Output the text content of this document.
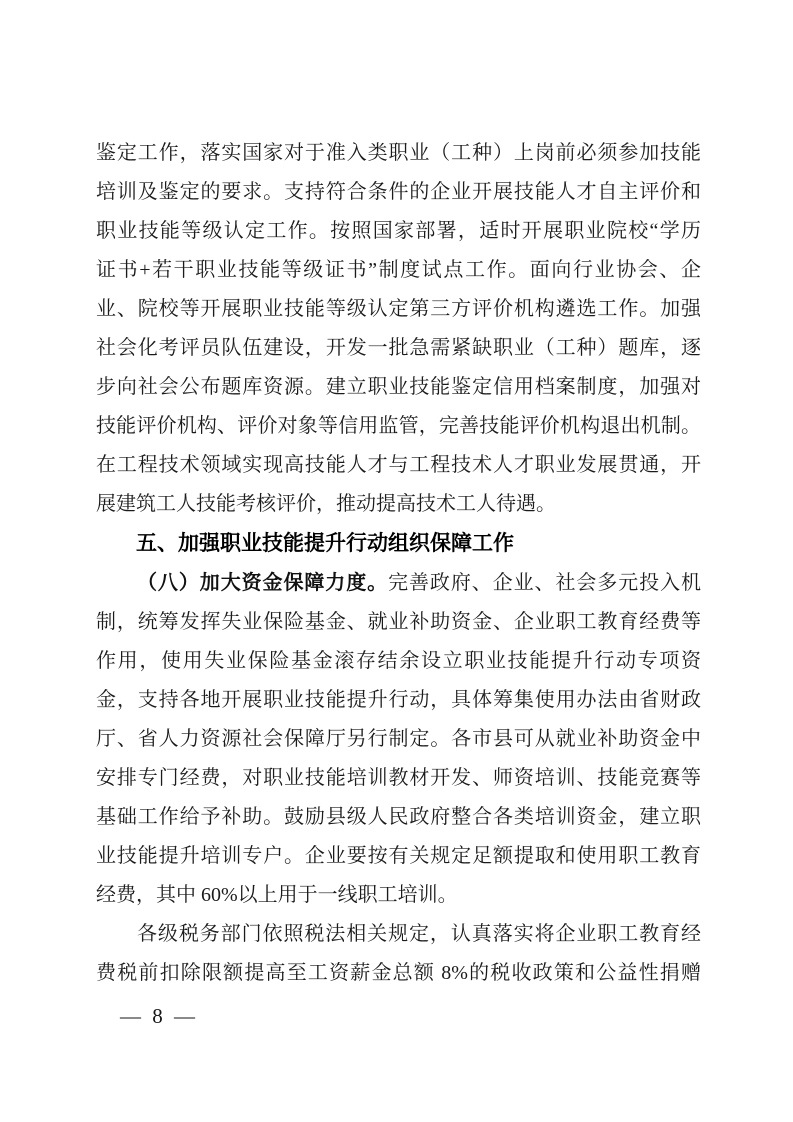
鉴定工作，落实国家对于准入类职业（工种）上岗前必须参加技能
培训及鉴定的要求。支持符合条件的企业开展技能人才自主评价和
职业技能等级认定工作。按照国家部署，适时开展职业院校“学历
证书+若干职业技能等级证书”制度试点工作。面向行业协会、企
业、院校等开展职业技能等级认定第三方评价机构遴选工作。加强
社会化考评员队伍建设，开发一批急需紧缺职业（工种）题库，逐
步向社会公布题库资源。建立职业技能鉴定信用档案制度，加强对
技能评价机构、评价对象等信用监管，完善技能评价机构退出机制。
在工程技术领域实现高技能人才与工程技术人才职业发展贯通，开
展建筑工人技能考核评价，推动提高技术工人待遇。
五、加强职业技能提升行动组织保障工作
（八）加大资金保障力度。完善政府、企业、社会多元投入机
制，统筹发挥失业保险基金、就业补助资金、企业职工教育经费等
作用，使用失业保险基金滚存结余设立职业技能提升行动专项资
金，支持各地开展职业技能提升行动，具体筹集使用办法由省财政
厅、省人力资源社会保障厅另行制定。各市县可从就业补助资金中
安排专门经费，对职业技能培训教材开发、师资培训、技能竞赛等
基础工作给予补助。鼓励县级人民政府整合各类培训资金，建立职
业技能提升培训专户。企业要按有关规定足额提取和使用职工教育
经费，其中 60%以上用于一线职工培训。
各级税务部门依照税法相关规定，认真落实将企业职工教育经
费税前扣除限额提高至工资薪金总额 8%的税收政策和公益性捐赠
— 8 —
